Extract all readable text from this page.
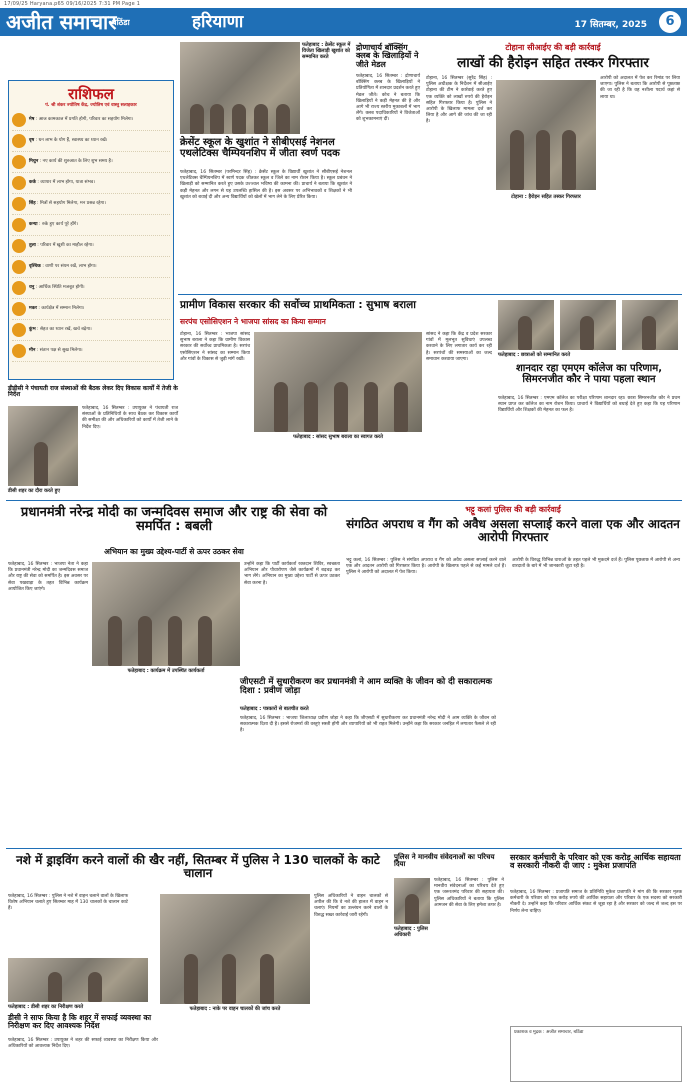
17/09/25 Haryana.p65 09/16/2025 7:31 PM Page 1
अजीत समाचार
बठिंडा	हरियाणा	17 सितम्बर, 2025	6
राशिफल
पं. श्री शंकर ज्योतिष केंद्र, ज्योतिष एवं वास्तु सलाहकार
मेष : आज कामकाज में प्रगति होगी, परिवार का सहयोग मिलेगा।
वृष : धन लाभ के योग हैं, स्वास्थ्य का ध्यान रखें।
मिथुन : नए कार्य की शुरुआत के लिए शुभ समय है।
कर्क : व्यापार में लाभ होगा, यात्रा संभव।
सिंह : मित्रों से सहयोग मिलेगा, मन प्रसन्न रहेगा।
कन्या : रुके हुए कार्य पूरे होंगे।
तुला : परिवार में खुशी का माहौल रहेगा।
वृश्चिक : वाणी पर संयम रखें, लाभ होगा।
धनु : आर्थिक स्थिति मजबूत होगी।
मकर : कार्यक्षेत्र में सम्मान मिलेगा।
कुंभ : सेहत का ध्यान रखें, खर्च बढ़ेगा।
मीन : संतान पक्ष से सुख मिलेगा।
फतेहाबाद : क्रेसेंट स्कूल में विजेता खिलाड़ी खुशांत को सम्मानित करते
क्रेसेंट स्कूल के खुशांत ने सीबीएसई नेशनल एथलेटिक्स चैम्पियनशिप में जीता स्वर्ण पदक
फतेहाबाद, 16 सितम्बर (परमिन्दर सिंह) : क्रेसेंट स्कूल के विद्यार्थी खुशांत ने सीबीएसई नेशनल एथलेटिक्स चैम्पियनशिप में स्वर्ण पदक जीतकर स्कूल व जिले का नाम रोशन किया है। स्कूल प्रबंधन ने खिलाड़ी को सम्मानित करते हुए उसके उज्ज्वल भविष्य की कामना की। प्राचार्य ने बताया कि खुशांत ने कड़ी मेहनत और लगन से यह उपलब्धि हासिल की है। इस अवसर पर अभिभावकों व शिक्षकों ने भी खुशांत को बधाई दी और अन्य विद्यार्थियों को खेलों में भाग लेने के लिए प्रेरित किया।
द्रोणाचार्य बॉक्सिंग क्लब के खिलाड़ियों ने जीते मेडल
फतेहाबाद, 16 सितम्बर : द्रोणाचार्य बॉक्सिंग क्लब के खिलाड़ियों ने प्रतियोगिता में शानदार प्रदर्शन करते हुए मेडल जीते। कोच ने बताया कि खिलाड़ियों ने कड़ी मेहनत की है और आगे भी राज्य स्तरीय मुकाबलों में भाग लेंगे। क्लब पदाधिकारियों ने विजेताओं को शुभकामनाएं दीं।
टोहाना सीआईए की बड़ी कार्रवाई
लाखों की हैरोइन सहित तस्कर गिरफ्तार
टोहाना, 16 सितम्बर (सुरेंद्र सिंह) : पुलिस अधीक्षक के निर्देशन में सीआईए टोहाना की टीम ने कार्रवाई करते हुए एक व्यक्ति को लाखों रुपये की हैरोइन सहित गिरफ्तार किया है। पुलिस ने आरोपी के खिलाफ मामला दर्ज कर लिया है और आगे की जांच की जा रही है।
आरोपी को अदालत में पेश कर रिमांड पर लिया जाएगा। पुलिस ने बताया कि आरोपी से पूछताछ की जा रही है कि वह नशीला पदार्थ कहां से लाया था।
टोहाना : हैरोइन सहित तस्कर गिरफ्तार
प्रामीण विकास सरकार की सर्वोच्च प्राथमिकता : सुभाष बराला
सरपंच एसोसिएशन ने भाजपा सांसद का किया सम्मान
टोहाना, 16 सितम्बर : भाजपा सांसद सुभाष बराला ने कहा कि ग्रामीण विकास सरकार की सर्वोच्च प्राथमिकता है। सरपंच एसोसिएशन ने सांसद का सम्मान किया और गांवों के विकास से जुड़ी मांगें रखीं।
फतेहाबाद : सांसद सुभाष बराला का स्वागत करते
सांसद ने कहा कि केंद्र व प्रदेश सरकार गांवों में मूलभूत सुविधाएं उपलब्ध करवाने के लिए लगातार कार्य कर रही है। सरपंचों की समस्याओं का जल्द समाधान करवाया जाएगा।
फतेहाबाद : छात्राओं को सम्मानित करते
शानदार रहा एमएम कॉलेज का परिणाम, सिमरनजीत कौर ने पाया पहला स्थान
फतेहाबाद, 16 सितम्बर : एमएम कॉलेज का परीक्षा परिणाम शानदार रहा। छात्रा सिमरनजीत कौर ने प्रथम स्थान प्राप्त कर कॉलेज का नाम रोशन किया। प्राचार्य ने विद्यार्थियों को बधाई देते हुए कहा कि यह परिणाम विद्यार्थियों और शिक्षकों की मेहनत का फल है।
डीडीसी ने पंचायती राज संस्थाओं की बैठक लेकर दिए विकास कार्यों में तेजी के निर्देश
डीसी शहर का दौरा करते हुए
फतेहाबाद, 16 सितम्बर : उपायुक्त ने पंचायती राज संस्थाओं के प्रतिनिधियों के साथ बैठक कर विकास कार्यों की समीक्षा की और अधिकारियों को कार्यों में तेजी लाने के निर्देश दिए।
प्रधानमंत्री नरेन्द्र मोदी का जन्मदिवस समाज और राष्ट्र की सेवा को समर्पित : बबली
अभियान का मुख्य उद्देश्य-पार्टी से ऊपर उठकर सेवा
फतेहाबाद, 16 सितम्बर : भाजपा नेता ने कहा कि प्रधानमंत्री नरेन्द्र मोदी का जन्मदिवस समाज और राष्ट्र की सेवा को समर्पित है। इस अवसर पर सेवा पखवाड़ा के तहत विभिन्न कार्यक्रम आयोजित किए जाएंगे।
उन्होंने कहा कि पार्टी कार्यकर्ता रक्तदान शिविर, स्वच्छता अभियान और पौधारोपण जैसे कार्यक्रमों में बढ़चढ़ कर भाग लेंगे। अभियान का मुख्य उद्देश्य पार्टी से ऊपर उठकर सेवा करना है।
फतेहाबाद : कार्यक्रम में उपस्थित कार्यकर्ता
भट्टू कलां पुलिस की बड़ी कार्रवाई
संगठित अपराध व गैंग को अवैध असला सप्लाई करने वाला एक और आदतन आरोपी गिरफ्तार
भट्टू कलां, 16 सितम्बर : पुलिस ने संगठित अपराध व गैंग को अवैध असला सप्लाई करने वाले एक और आदतन आरोपी को गिरफ्तार किया है। आरोपी के खिलाफ पहले से कई मामले दर्ज हैं। पुलिस ने आरोपी को अदालत में पेश किया।
आरोपी के विरुद्ध विभिन्न धाराओं के तहत पहले भी मुकदमे दर्ज हैं। पुलिस पूछताछ में आरोपी से अन्य वारदातों के बारे में भी जानकारी जुटा रही है।
जीएसटी में सुधारीकरण कर प्रधानमंत्री ने आम व्यक्ति के जीवन को दी सकारात्मक दिशा : प्रवीण जोड़ा
फतेहाबाद : पत्रकारों से बातचीत करते
फतेहाबाद, 16 सितम्बर : भाजपा जिलाध्यक्ष प्रवीण जोड़ा ने कहा कि जीएसटी में सुधारीकरण कर प्रधानमंत्री नरेन्द्र मोदी ने आम व्यक्ति के जीवन को सकारात्मक दिशा दी है। इससे रोजमर्रा की वस्तुएं सस्ती होंगी और व्यापारियों को भी राहत मिलेगी। उन्होंने कहा कि सरकार जनहित में लगातार फैसले ले रही है।
नशे में ड्राइविंग करने वालों की खैर नहीं, सितम्बर में पुलिस ने 130 चालकों के काटे चालान
फतेहाबाद, 16 सितम्बर : पुलिस ने नशे में वाहन चलाने वालों के खिलाफ विशेष अभियान चलाते हुए सितम्बर माह में 130 चालकों के चालान काटे हैं।
फतेहाबाद : नाके पर वाहन चालकों की जांच करते
पुलिस अधिकारियों ने वाहन चालकों से अपील की कि वे नशे की हालत में वाहन न चलाएं। नियमों का उल्लंघन करने वालों के विरुद्ध सख्त कार्रवाई जारी रहेगी।
फतेहाबाद : डीसी शहर का निरीक्षण करते
डीसी ने साफ किया है कि शहर में सफाई व्यवस्था का निरीक्षण कर दिए आवश्यक निर्देश
फतेहाबाद, 16 सितम्बर : उपायुक्त ने शहर की सफाई व्यवस्था का निरीक्षण किया और अधिकारियों को आवश्यक निर्देश दिए।
पुलिस ने मानवीय संवेदनाओं का परिचय दिया
फतेहाबाद : पुलिस अधिकारी
फतेहाबाद, 16 सितम्बर : पुलिस ने मानवीय संवेदनाओं का परिचय देते हुए एक जरूरतमंद परिवार की सहायता की। पुलिस अधिकारियों ने बताया कि पुलिस आमजन की सेवा के लिए हमेशा तत्पर है।
सरकार कर्मचारी के परिवार को एक करोड़ आर्थिक सहायता व सरकारी नौकरी दी जाए : मुकेश प्रजापति
फतेहाबाद, 16 सितम्बर : प्रजापति समाज के प्रतिनिधि मुकेश प्रजापति ने मांग की कि सरकार मृतक कर्मचारी के परिवार को एक करोड़ रुपये की आर्थिक सहायता और परिवार के एक सदस्य को सरकारी नौकरी दे। उन्होंने कहा कि परिवार आर्थिक संकट से जूझ रहा है और सरकार को जल्द से जल्द इस पर निर्णय लेना चाहिए।
प्रकाशक व मुद्रक : अजीत समाचार, बठिंडा
